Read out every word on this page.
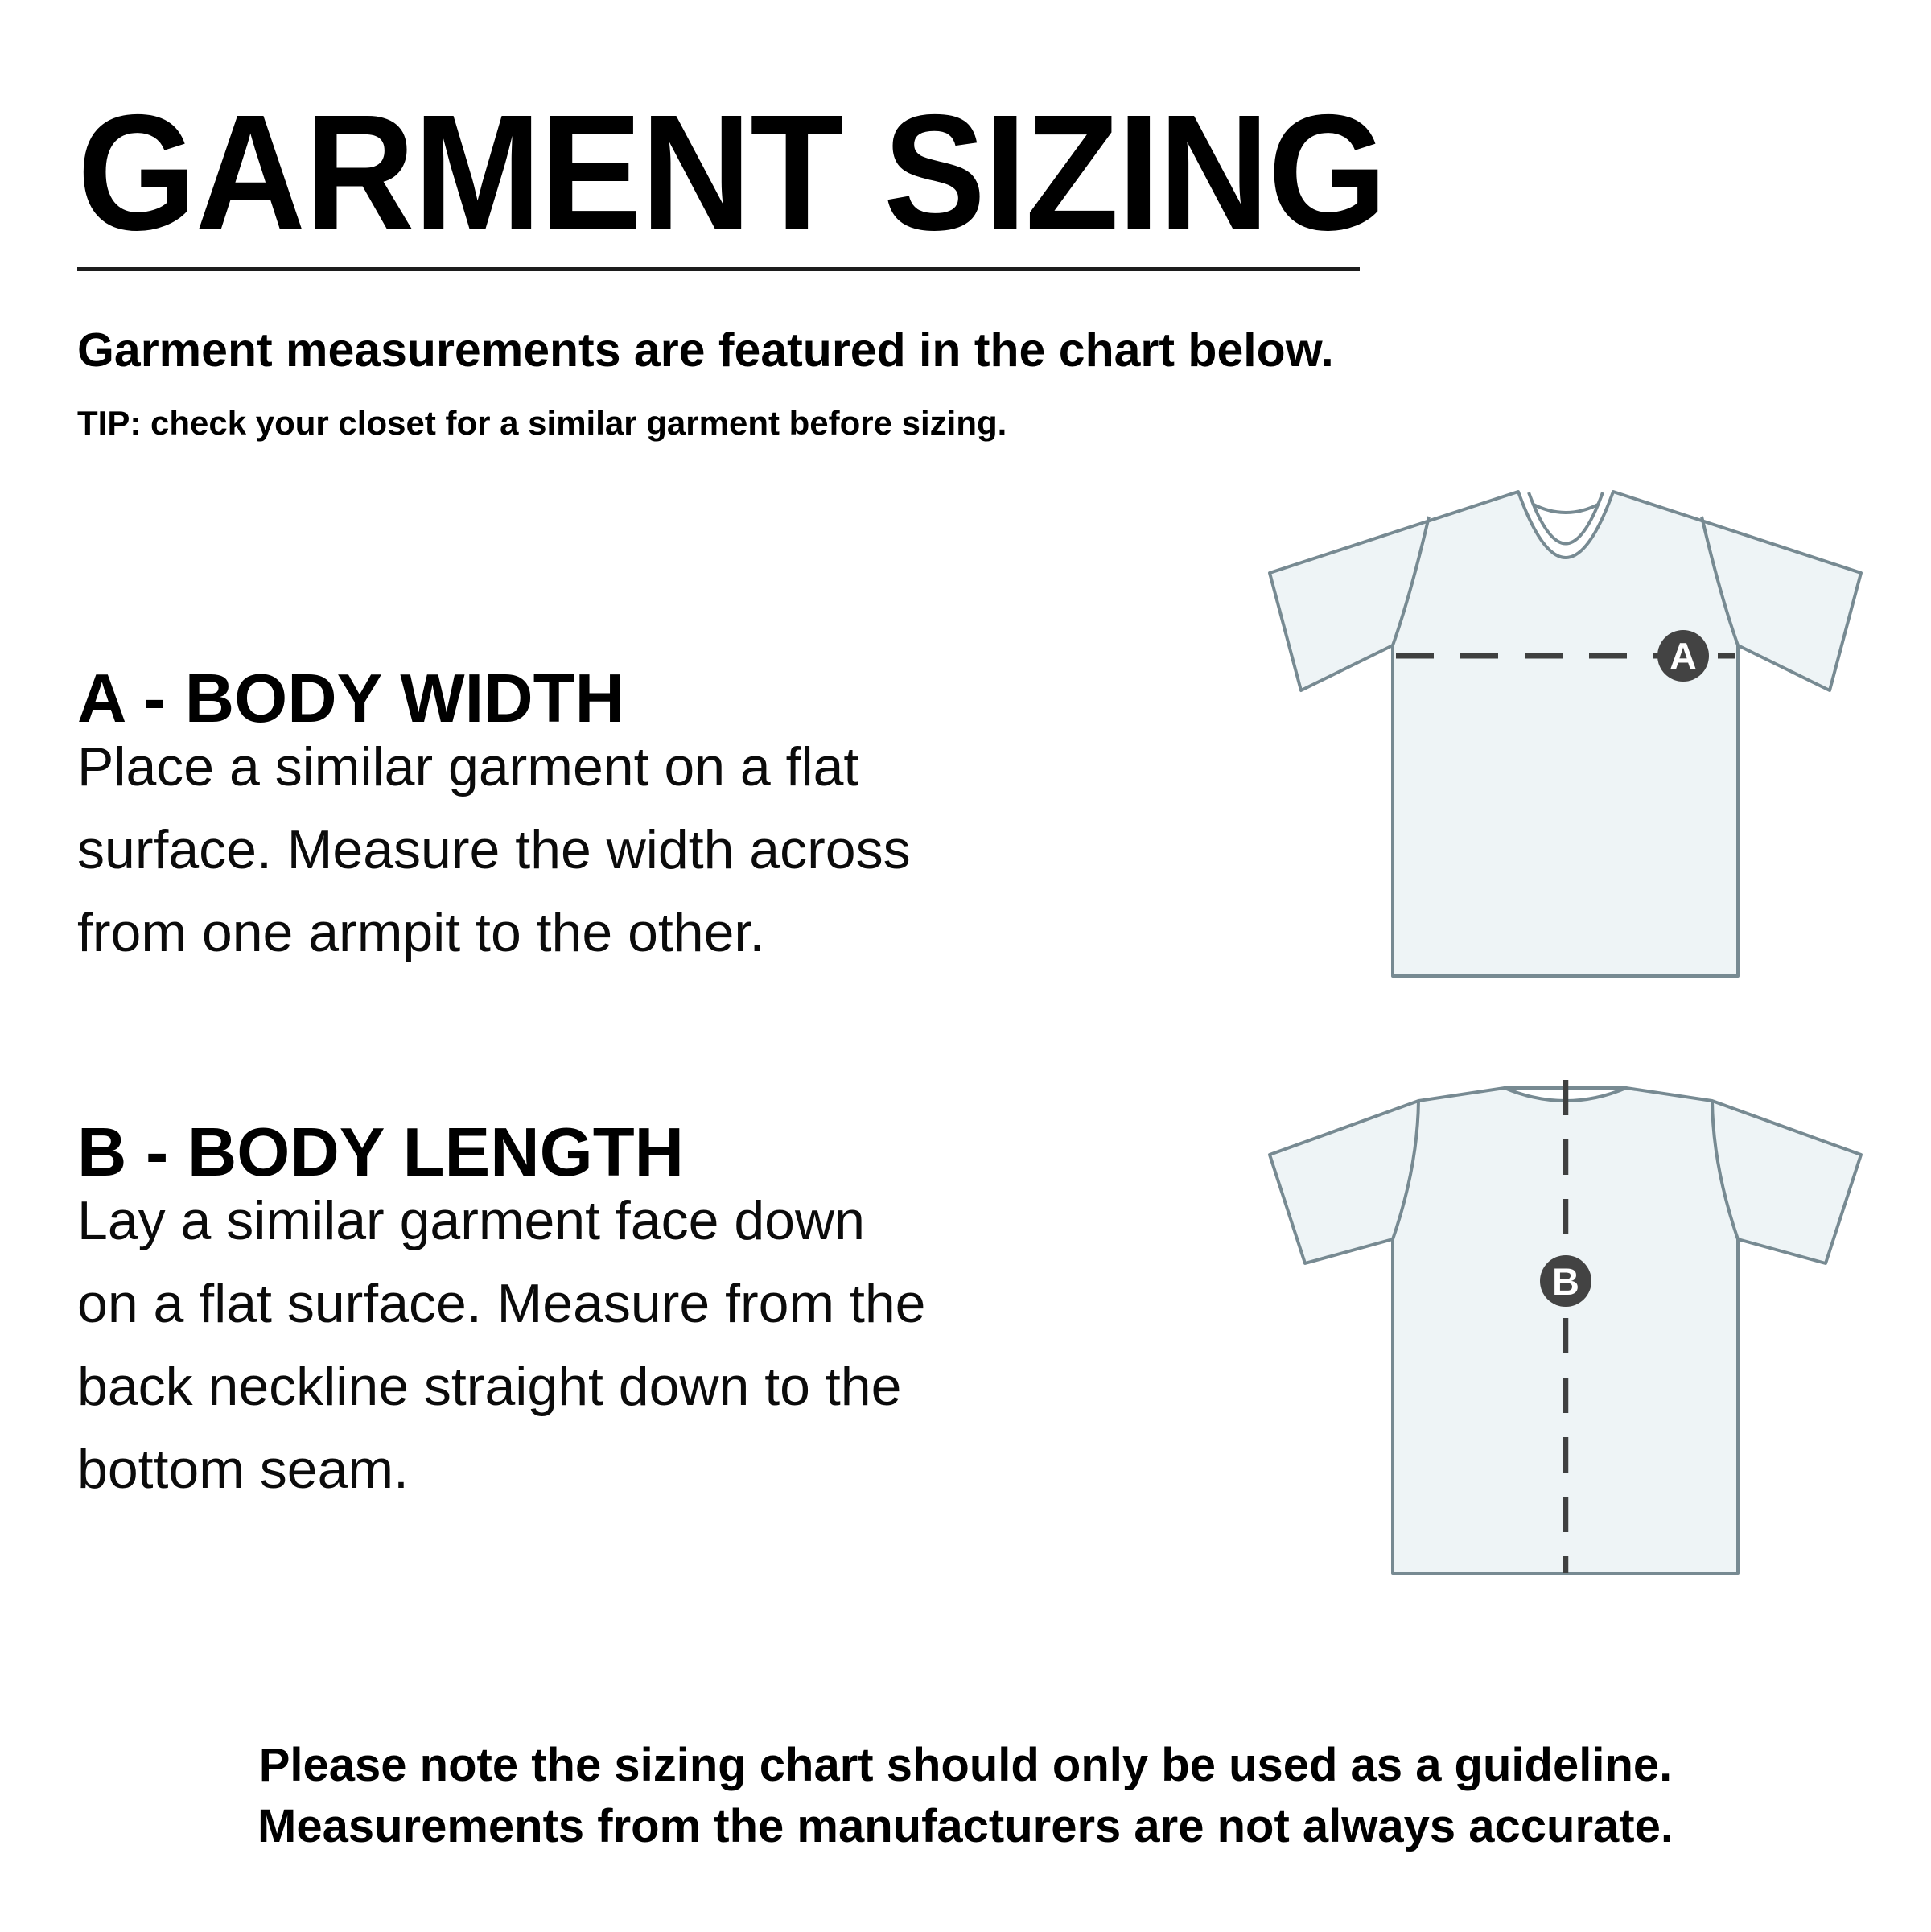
GARMENT SIZING
Garment measurements are featured in the chart below.
TIP: check your closet for a similar garment before sizing.
A - BODY WIDTH
Place a similar garment on a flat
surface. Measure the width across
from one armpit to the other.
A
B - BODY LENGTH
Lay a similar garment face down
on a flat surface. Measure from the
back neckline straight down to the
bottom seam.
B
Please note the sizing chart should only be used as a guideline.
Measurements from the manufacturers are not always accurate.
